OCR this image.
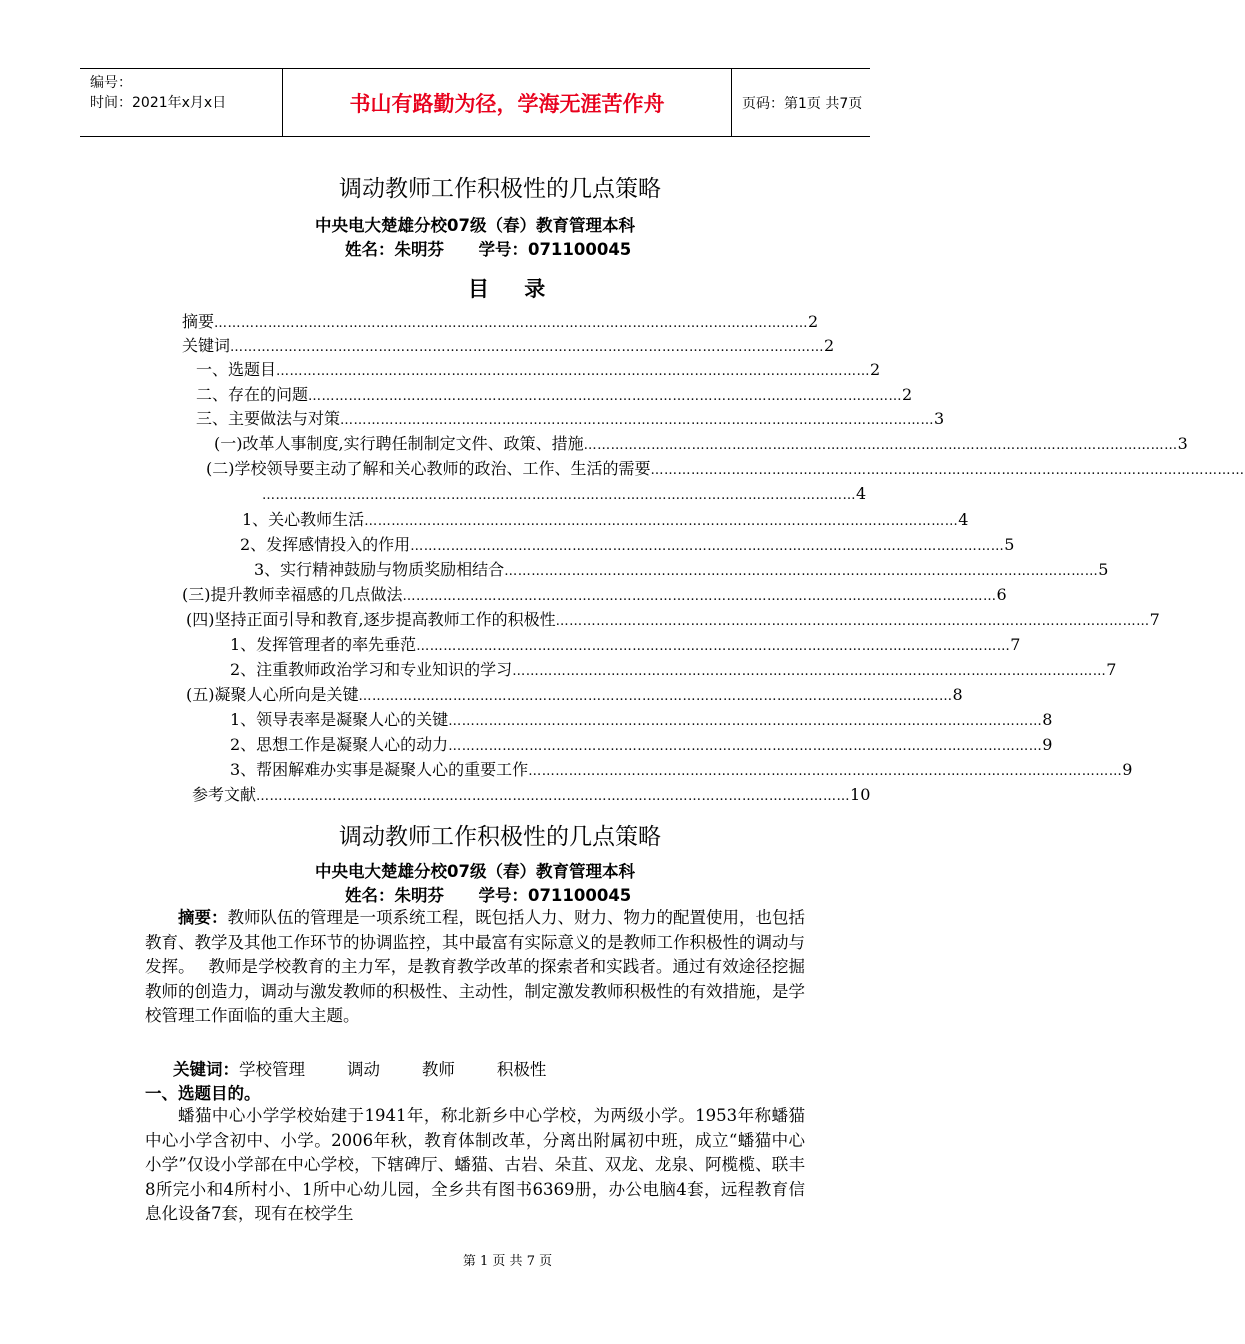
编号：
时间：2021年x月x日	书山有路勤为径，学海无涯苦作舟	页码：第1页 共7页
调动教师工作积极性的几点策略
中央电大楚雄分校07级（春）教育管理本科
姓名：朱明芬      学号：071100045
目 录
摘要 …………………………………………………………………………………………………………………… 2
关键词 …………………………………………………………………………………………………………………… 2
一、选题目 …………………………………………………………………………………………………………………… 2
二、存在的问题 …………………………………………………………………………………………………………………… 2
三、主要做法与对策 …………………………………………………………………………………………………………………… 3
(一)改革人事制度,实行聘任制制定文件、政策、措施 …………………………………………………………………………………………………………………… 3
(二)学校领导要主动了解和关心教师的政治、工作、生活的需要 ……………………………………………………………………………………………………………………
…………………………………………………………………………………………………………………… 4
1、关心教师生活 …………………………………………………………………………………………………………………… 4
2、发挥感情投入的作用 …………………………………………………………………………………………………………………… 5
3、实行精神鼓励与物质奖励相结合 …………………………………………………………………………………………………………………… 5
(三)提升教师幸福感的几点做法 …………………………………………………………………………………………………………………… 6
(四)坚持正面引导和教育,逐步提高教师工作的积极性 …………………………………………………………………………………………………………………… 7
1、发挥管理者的率先垂范 …………………………………………………………………………………………………………………… 7
2、注重教师政治学习和专业知识的学习 …………………………………………………………………………………………………………………… 7
(五)凝聚人心所向是关键 …………………………………………………………………………………………………………………… 8
1、领导表率是凝聚人心的关键 …………………………………………………………………………………………………………………… 8
2、思想工作是凝聚人心的动力 …………………………………………………………………………………………………………………… 9
3、帮困解难办实事是凝聚人心的重要工作 …………………………………………………………………………………………………………………… 9
参考文献 …………………………………………………………………………………………………………………… 10
调动教师工作积极性的几点策略
中央电大楚雄分校07级（春）教育管理本科
姓名：朱明芬      学号：071100045
摘要：教师队伍的管理是一项系统工程，既包括人力、财力、物力的配置使用，也包括教育、教学及其他工作环节的协调监控，其中最富有实际意义的是教师工作积极性的调动与发挥。　 教师是学校教育的主力军，是教育教学改革的探索者和实践者。通过有效途径挖掘教师的创造力，调动与激发教师的积极性、主动性，制定激发教师积极性的有效措施，是学校管理工作面临的重大主题。
关键词：学校管理        调动        教师        积极性
一、选题目的。
蟠猫中心小学学校始建于1941年，称北新乡中心学校，为两级小学。1953年称蟠猫中心小学含初中、小学。2006年秋，教育体制改革，分离出附属初中班，成立“蟠猫中心小学”仅设小学部在中心学校，下辖碑厅、蟠猫、古岩、朵苴、双龙、龙泉、阿榄榄、联丰8所完小和4所村小、1所中心幼儿园，全乡共有图书6369册，办公电脑4套，远程教育信息化设备7套，现有在校学生
第 1 页 共 7 页
